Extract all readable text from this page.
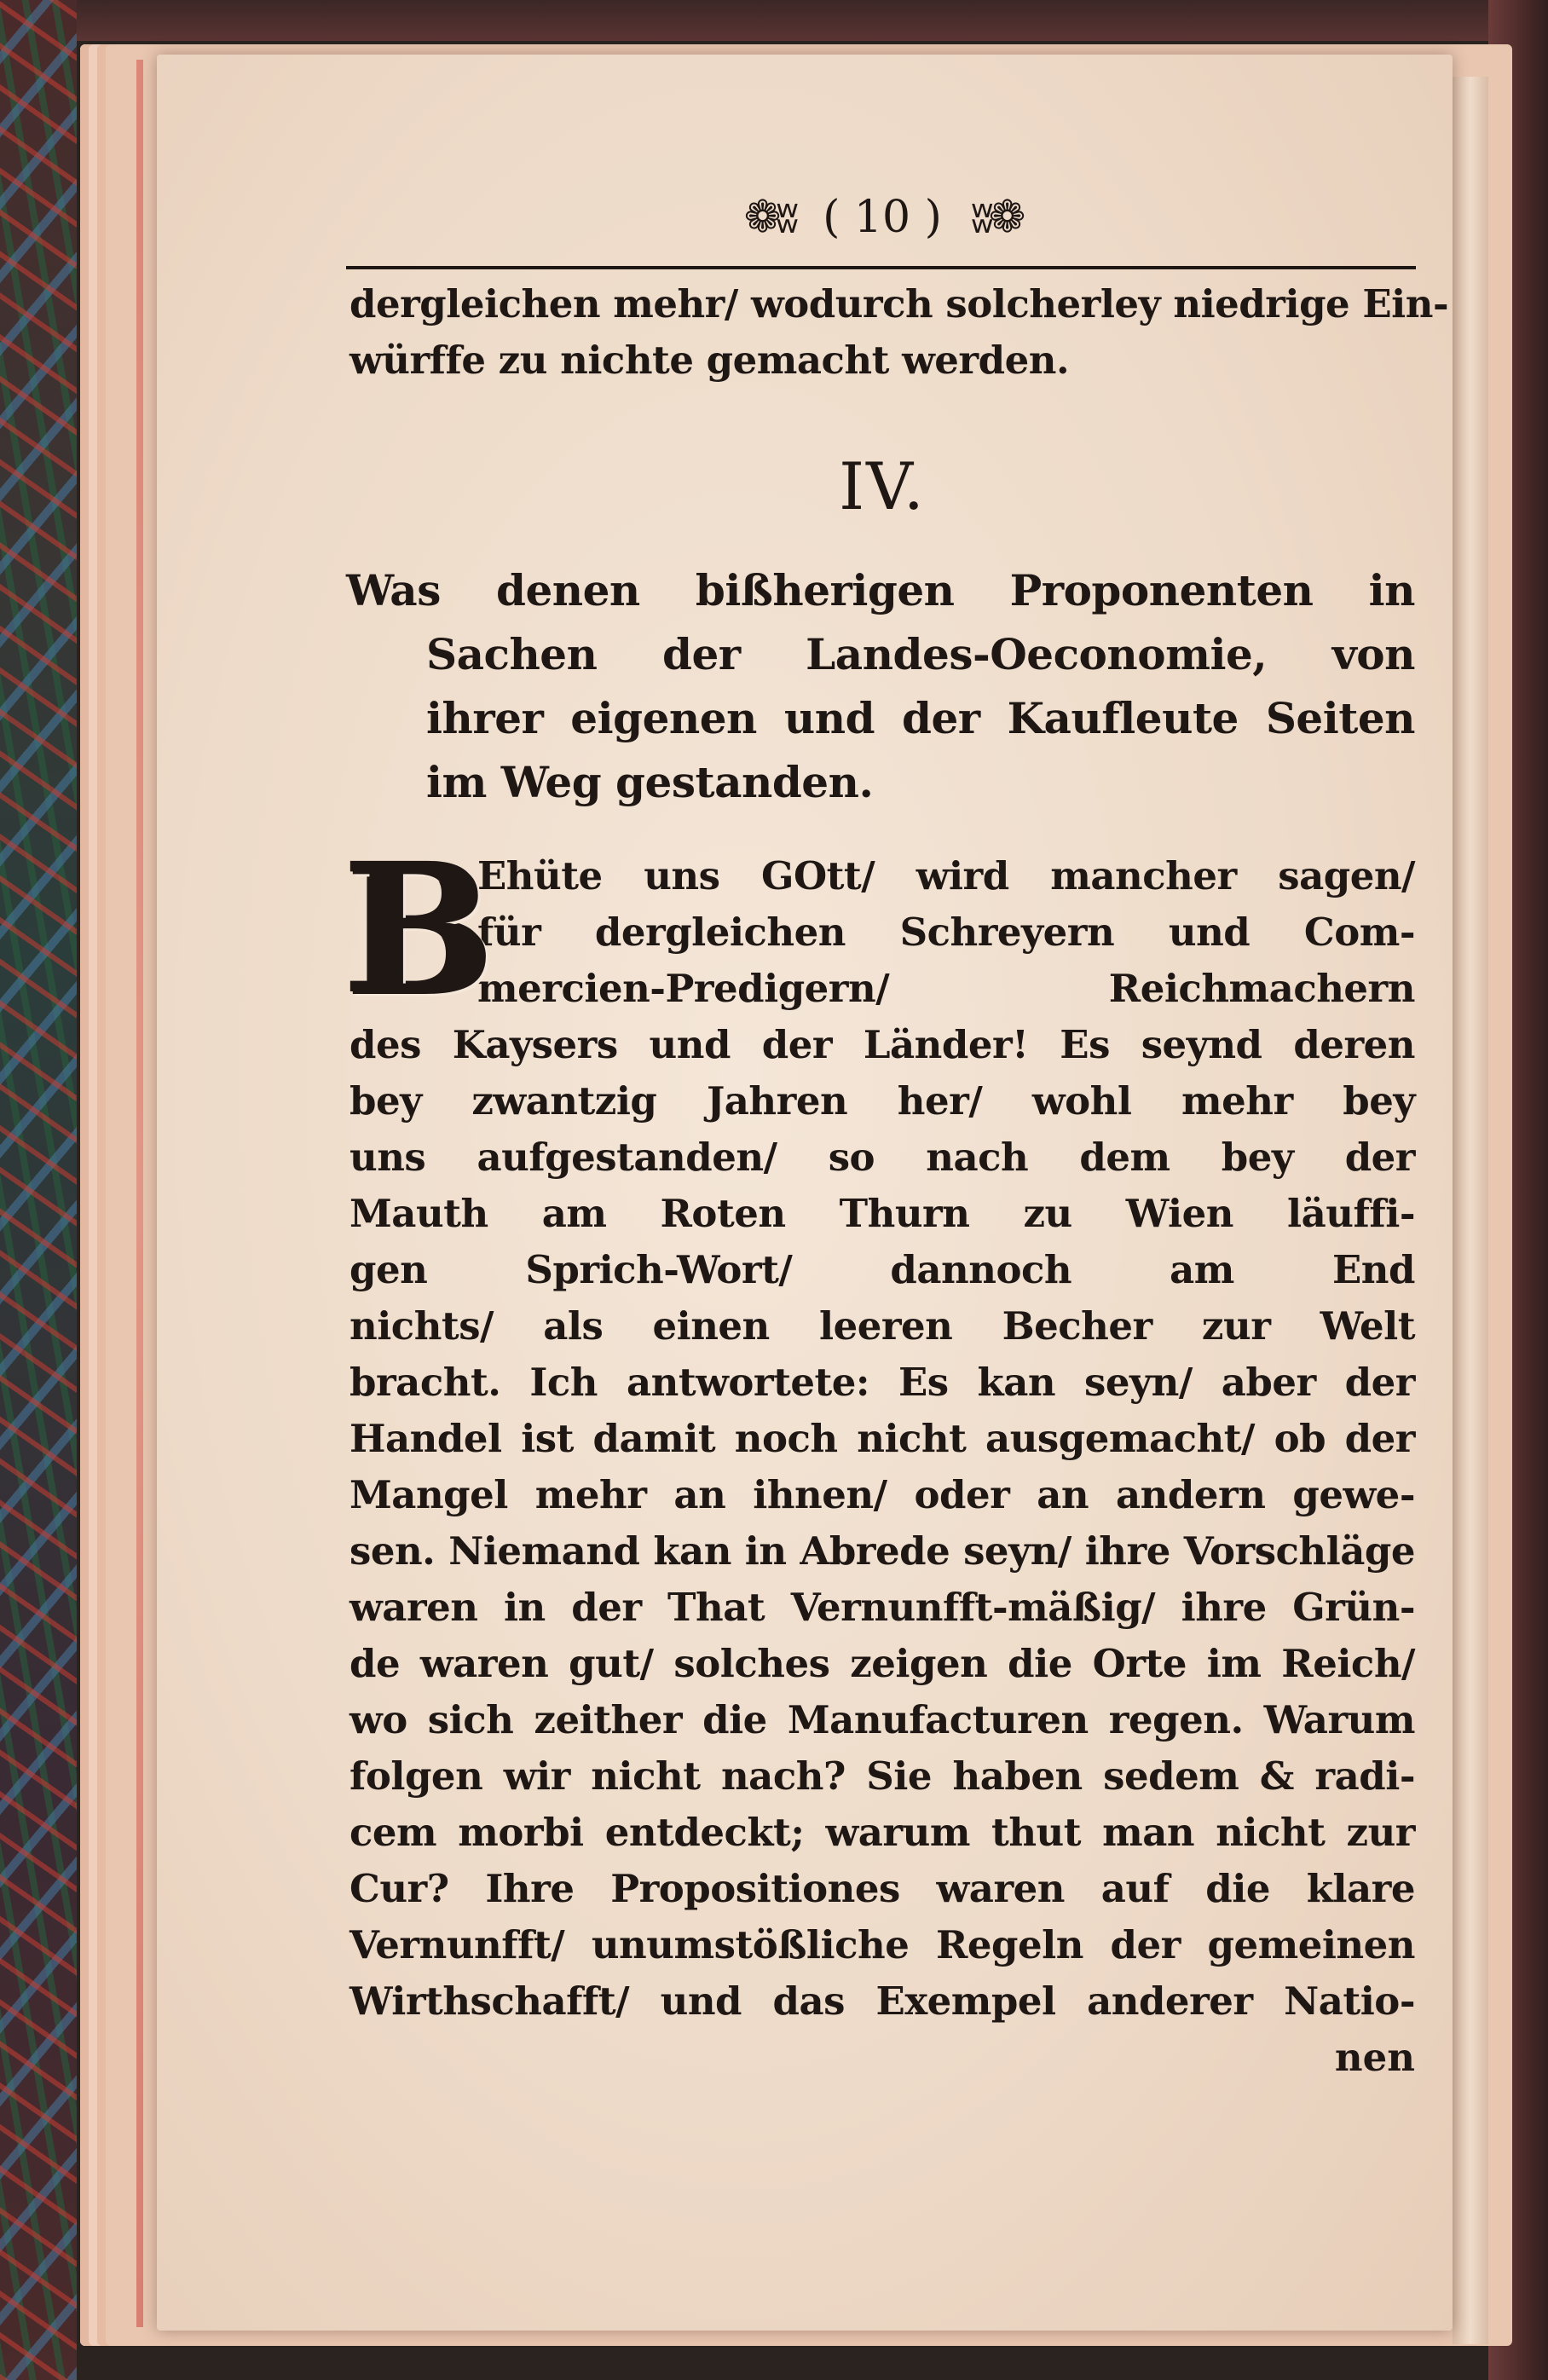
❁ʬ ( 10 ) ʬ❁
dergleichen mehr/ wodurch solcherley niedrige Ein-
würffe zu nichte gemacht werden.
IV.
Was denen bißherigen Proponenten in
Sachen der Landes-Oeconomie, von
ihrer eigenen und der Kaufleute Seiten
im Weg gestanden.
B
Ehüte uns GOtt/ wird mancher sagen/
für dergleichen Schreyern und Com-
mercien-Predigern/ Reichmachern
des Kaysers und der Länder! Es seynd deren
bey zwantzig Jahren her/ wohl mehr bey
uns aufgestanden/ so nach dem bey der
Mauth am Roten Thurn zu Wien läuffi-
gen Sprich-Wort/ dannoch am End
nichts/ als einen leeren Becher zur Welt
bracht. Ich antwortete: Es kan seyn/ aber der
Handel ist damit noch nicht ausgemacht/ ob der
Mangel mehr an ihnen/ oder an andern gewe-
sen. Niemand kan in Abrede seyn/ ihre Vorschläge
waren in der That Vernunfft-mäßig/ ihre Grün-
de waren gut/ solches zeigen die Orte im Reich/
wo sich zeither die Manufacturen regen. Warum
folgen wir nicht nach? Sie haben sedem & radi-
cem morbi entdeckt; warum thut man nicht zur
Cur? Ihre Propositiones waren auf die klare
Vernunfft/ unumstößliche Regeln der gemeinen
Wirthschafft/ und das Exempel anderer Natio-
nen
